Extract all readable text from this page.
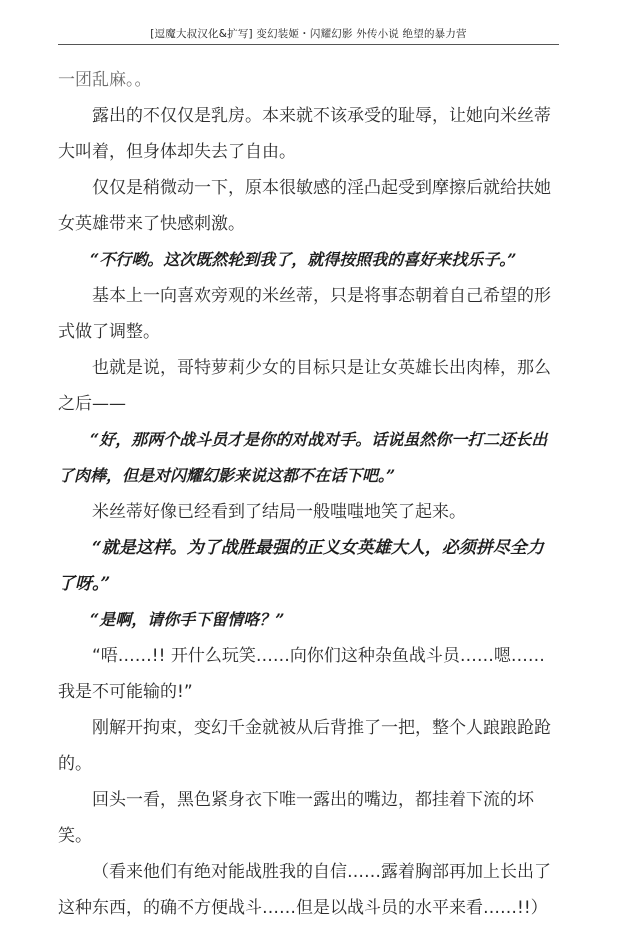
[逗魔大叔汉化&扩写] 变幻装姬・闪耀幻影 外传小说 绝望的暴力营

一团乱麻。。

露出的不仅仅是乳房。本来就不该承受的耻辱，让她向米丝蒂大叫着，但身体却失去了自由。

仅仅是稍微动一下，原本很敏感的淫凸起受到摩擦后就给扶她女英雄带来了快感刺激。

“不行哟。这次既然轮到我了，就得按照我的喜好来找乐子。”

基本上一向喜欢旁观的米丝蒂，只是将事态朝着自己希望的形式做了调整。

也就是说，哥特萝莉少女的目标只是让女英雄长出肉棒，那么之后——

“好，那两个战斗员才是你的对战对手。话说虽然你一打二还长出了肉棒，但是对闪耀幻影来说这都不在话下吧。”

米丝蒂好像已经看到了结局一般嗤嗤地笑了起来。

“就是这样。为了战胜最强的正义女英雄大人，必须拼尽全力了呀。”

“是啊，请你手下留情咯？”

“唔……!! 开什么玩笑……向你们这种杂鱼战斗员……嗯……我是不可能输的!”

刚解开拘束，变幻千金就被从后背推了一把，整个人踉踉跄跄的。

回头一看，黑色紧身衣下唯一露出的嘴边，都挂着下流的坏笑。

（看来他们有绝对能战胜我的自信……露着胸部再加上长出了这种东西，的确不方便战斗……但是以战斗员的水平来看……!!）
